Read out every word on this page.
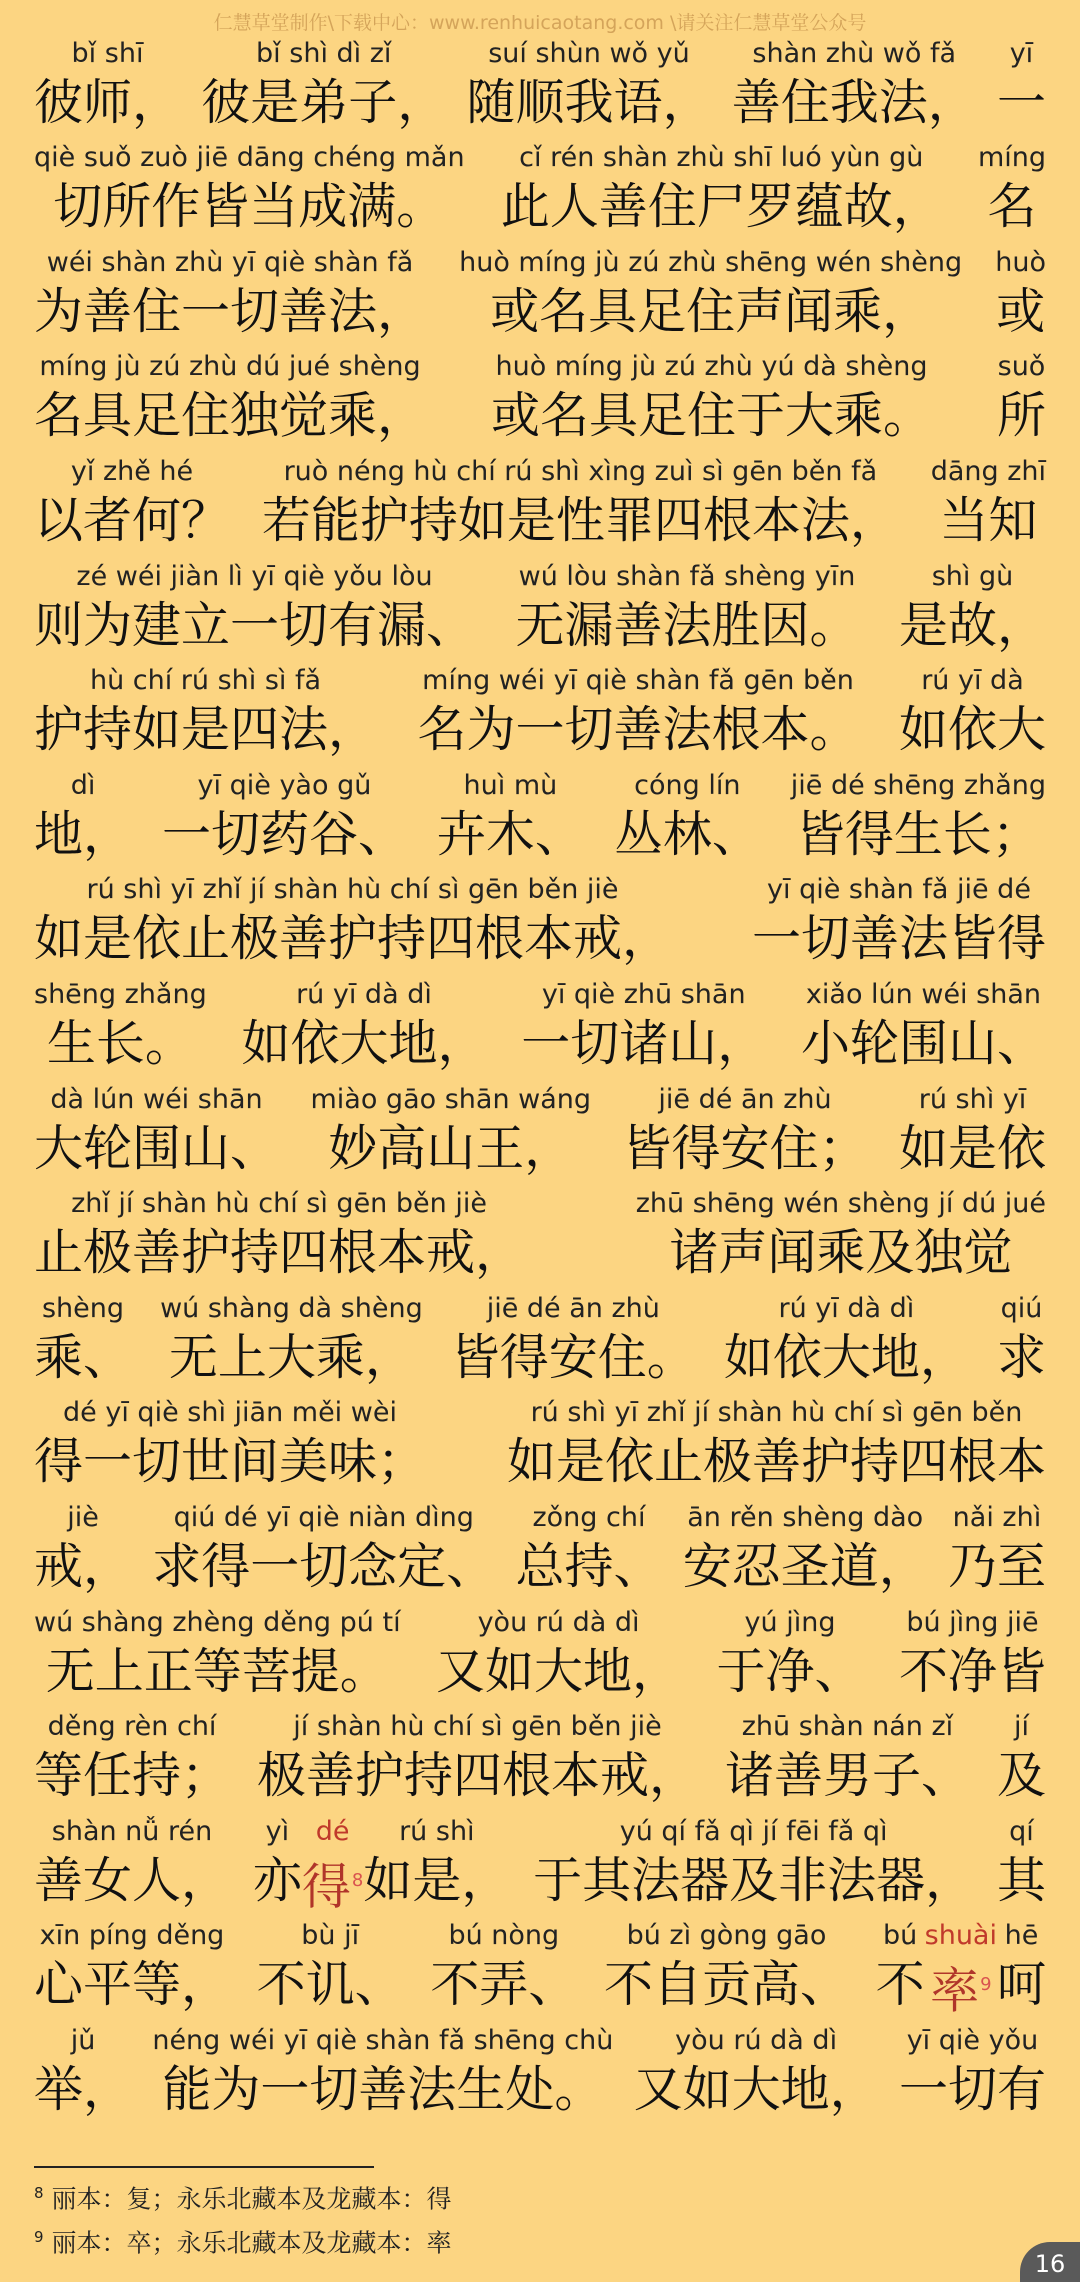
仁慧草堂制作\下载中心：www.renhuicaotang.com \请关注仁慧草堂公众号
bǐ shī
彼师，
bǐ shì dì zǐ
彼是弟子，
suí shùn wǒ yǔ
随顺我语，
shàn zhù wǒ fǎ
善住我法，
yī
一
qiè suǒ zuò jiē dāng chéng mǎn
切所作皆当成满。
cǐ rén shàn zhù shī luó yùn gù
此人善住尸罗蕴故，
míng
名
wéi shàn zhù yī qiè shàn fǎ
为善住一切善法，
huò míng jù zú zhù shēng wén shèng
或名具足住声闻乘，
huò
或
míng jù zú zhù dú jué shèng
名具足住独觉乘，
huò míng jù zú zhù yú dà shèng
或名具足住于大乘。
suǒ
所
yǐ zhě hé
以者何？
ruò néng hù chí rú shì xìng zuì sì gēn běn fǎ
若能护持如是性罪四根本法，
dāng zhī
当知
zé wéi jiàn lì yī qiè yǒu lòu
则为建立一切有漏、
wú lòu shàn fǎ shèng yīn
无漏善法胜因。
shì gù
是故，
hù chí rú shì sì fǎ
护持如是四法，
míng wéi yī qiè shàn fǎ gēn běn
名为一切善法根本。
rú yī dà
如依大
dì
地，
yī qiè yào gǔ
一切药谷、
huì mù
卉木、
cóng lín
丛林、
jiē dé shēng zhǎng
皆得生长；
rú shì yī zhǐ jí shàn hù chí sì gēn běn jiè
如是依止极善护持四根本戒，
yī qiè shàn fǎ jiē dé
一切善法皆得
shēng zhǎng
生长。
rú yī dà dì
如依大地，
yī qiè zhū shān
一切诸山，
xiǎo lún wéi shān
小轮围山、
dà lún wéi shān
大轮围山、
miào gāo shān wáng
妙高山王，
jiē dé ān zhù
皆得安住；
rú shì yī
如是依
zhǐ jí shàn hù chí sì gēn běn jiè
止极善护持四根本戒，
zhū shēng wén shèng jí dú jué
诸声闻乘及独觉
shèng
乘、
wú shàng dà shèng
无上大乘，
jiē dé ān zhù
皆得安住。
rú yī dà dì
如依大地，
qiú
求
dé yī qiè shì jiān měi wèi
得一切世间美味；
rú shì yī zhǐ jí shàn hù chí sì gēn běn
如是依止极善护持四根本
jiè
戒，
qiú dé yī qiè niàn dìng
求得一切念定、
zǒng chí
总持、
ān rěn shèng dào
安忍圣道，
nǎi zhì
乃至
wú shàng zhèng děng pú tí
无上正等菩提。
yòu rú dà dì
又如大地，
yú jìng
于净、
bú jìng jiē
不净皆
děng rèn chí
等任持；
jí shàn hù chí sì gēn běn jiè
极善护持四根本戒，
zhū shàn nán zǐ
诸善男子、
jí
及
shàn nǚ rén
善女人，
yì
亦
dé
得$^8$
rú shì
如是，
yú qí fǎ qì jí fēi fǎ qì
于其法器及非法器，
qí
其
xīn píng děng
心平等，
bù jī
不讥、
bú nòng
不弄、
bú zì gòng gāo
不自贡高、
bú
不
shuài
率$^9$
hē
呵
jǔ
举，
néng wéi yī qiè shàn fǎ shēng chù
能为一切善法生处。
yòu rú dà dì
又如大地，
yī qiè yǒu
一切有
$^8$ 丽本：复；永乐北藏本及龙藏本：得
$^9$ 丽本：卒；永乐北藏本及龙藏本：率
16
